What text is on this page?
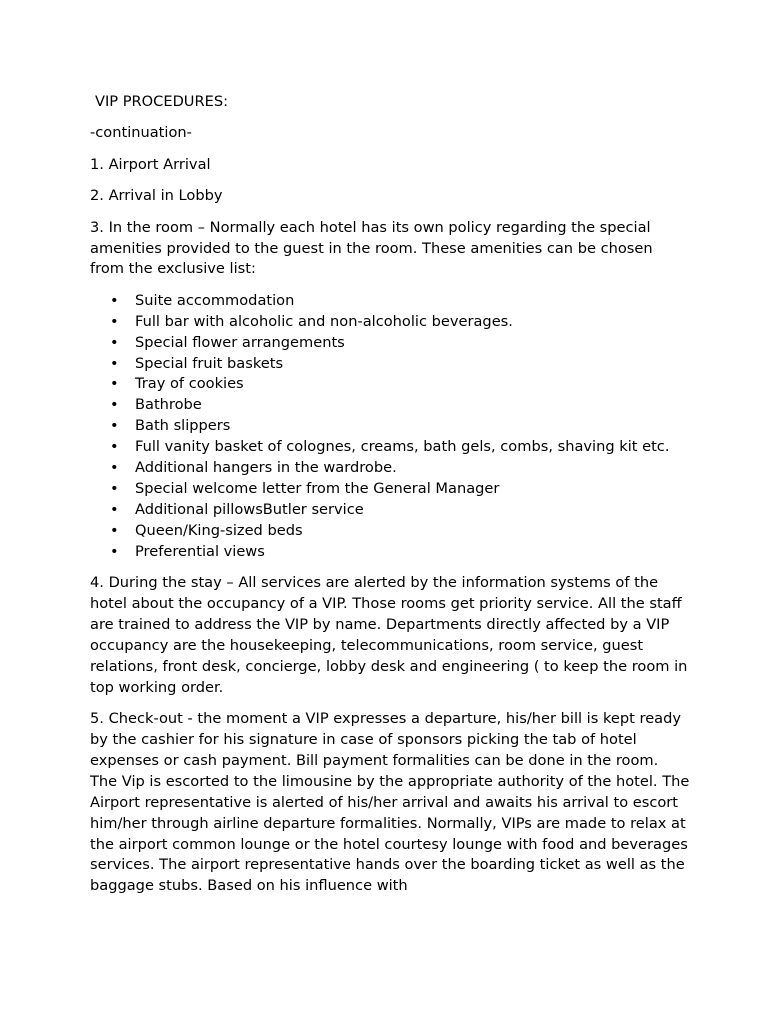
VIP PROCEDURES:

-continuation-

1. Airport Arrival

2. Arrival in Lobby

3. In the room – Normally each hotel has its own policy regarding the special amenities provided to the guest in the room. These amenities can be chosen from the exclusive list:

• Suite accommodation
• Full bar with alcoholic and non-alcoholic beverages.
• Special flower arrangements
• Special fruit baskets
• Tray of cookies
• Bathrobe
• Bath slippers
• Full vanity basket of colognes, creams, bath gels, combs, shaving kit etc.
• Additional hangers in the wardrobe.
• Special welcome letter from the General Manager
• Additional pillowsButler service
• Queen/King-sized beds
• Preferential views

4. During the stay – All services are alerted by the information systems of the hotel about the occupancy of a VIP. Those rooms get priority service. All the staff are trained to address the VIP by name. Departments directly affected by a VIP occupancy are the housekeeping, telecommunications, room service, guest relations, front desk, concierge, lobby desk and engineering ( to keep the room in top working order.

5. Check-out - the moment a VIP expresses a departure, his/her bill is kept ready by the cashier for his signature in case of sponsors picking the tab of hotel expenses or cash payment. Bill payment formalities can be done in the room. The Vip is escorted to the limousine by the appropriate authority of the hotel. The Airport representative is alerted of his/her arrival and awaits his arrival to escort him/her through airline departure formalities. Normally, VIPs are made to relax at the airport common lounge or the hotel courtesy lounge with food and beverages services. The airport representative hands over the boarding ticket as well as the baggage stubs. Based on his influence with
